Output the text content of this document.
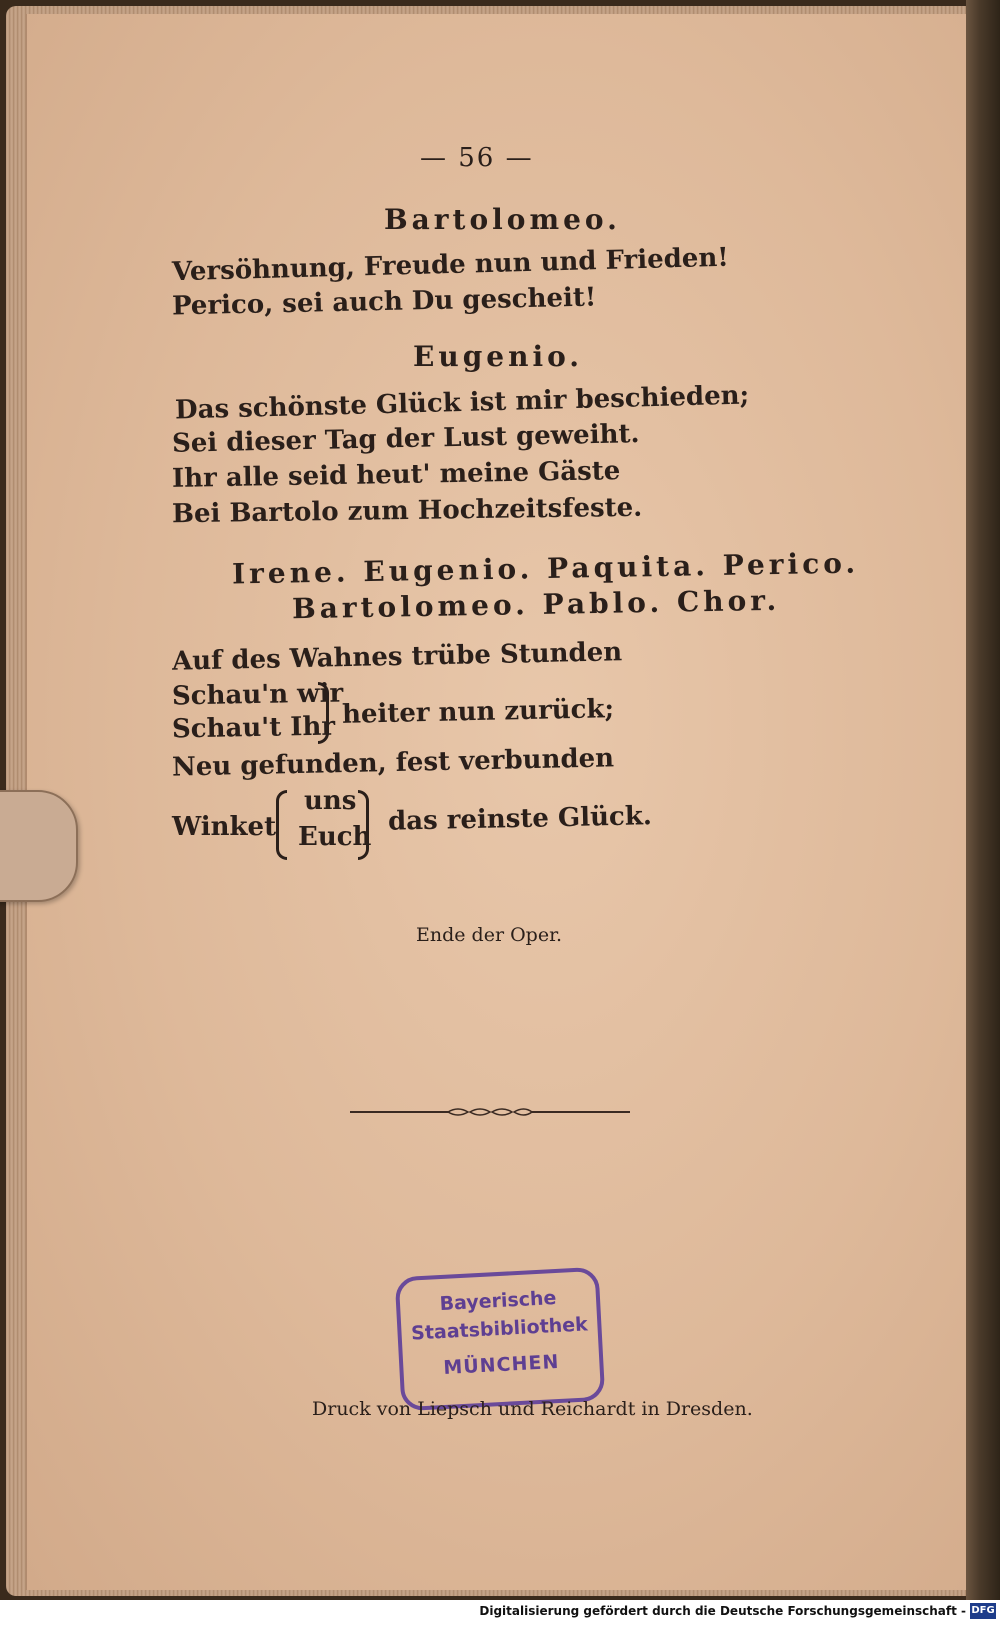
— 56 —
Bartolomeo.
Versöhnung, Freude nun und Frieden!
Perico, sei auch Du gescheit!
Eugenio.
Das schönste Glück ist mir beschieden;
Sei dieser Tag der Lust geweiht.
Ihr alle seid heut' meine Gäste
Bei Bartolo zum Hochzeitsfeste.
Irene. Eugenio. Paquita. Perico.
Bartolomeo. Pablo. Chor.
Auf des Wahnes trübe Stunden
Schau'n wir
Schau't Ihr heiter nun zurück;
Neu gefunden, fest verbunden
Winket
uns
Euch
das reinste Glück.
Ende der Oper.
Bayerische
Staatsbibliothek
MÜNCHEN
Druck von Liepsch und Reichardt in Dresden.
Digitalisierung gefördert durch die Deutsche Forschungsgemeinschaft - DFG
